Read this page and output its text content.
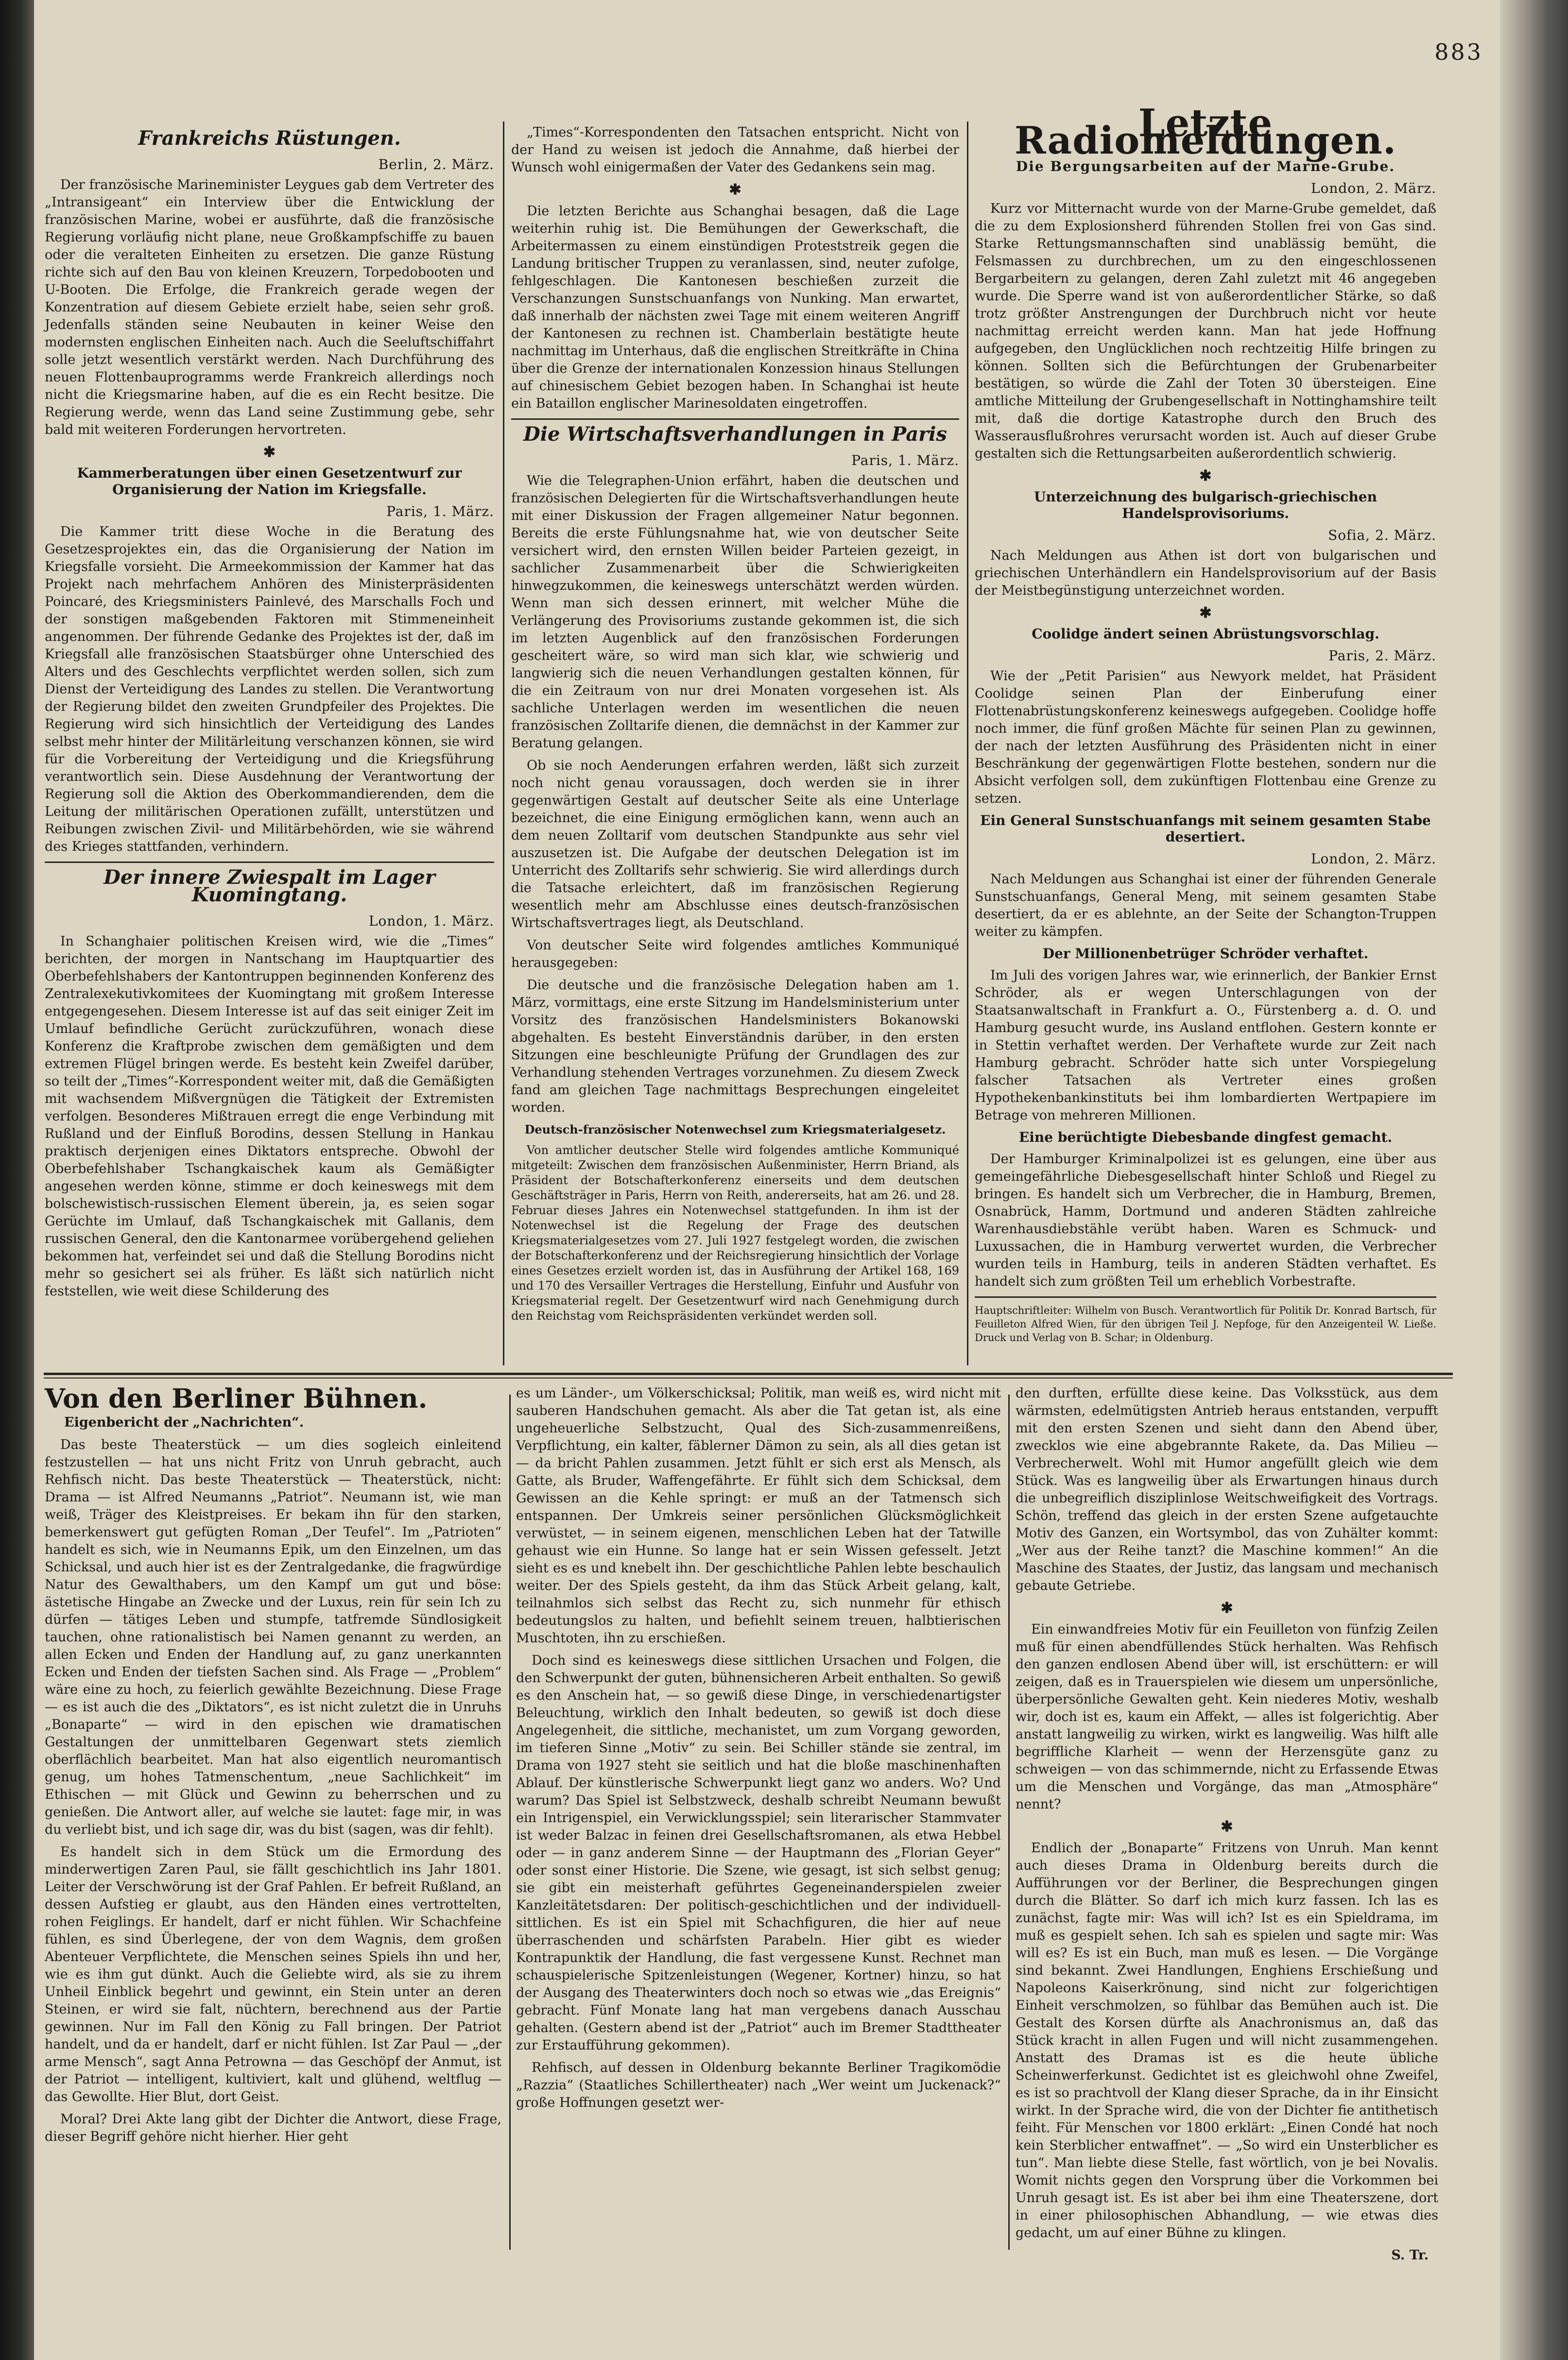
883
Frankreichs Rüstungen.
Berlin, 2. März.

Der französische Marineminister Leygues gab dem Vertreter des „Intransigeant“ ein Interview über die Entwicklung der französischen Marine, wobei er ausführte, daß die französische Regierung vorläufig nicht plane, neue Großkampfschiffe zu bauen oder die veralteten Einheiten zu ersetzen. Die ganze Rüstung richte sich auf den Bau von kleinen Kreuzern, Torpedobooten und U-Booten. Die Erfolge, die Frankreich gerade wegen der Konzentration auf diesem Gebiete erzielt habe, seien sehr groß. Jedenfalls ständen seine Neubauten in keiner Weise den modernsten englischen Einheiten nach. Auch die Seeluftschiffahrt solle jetzt wesentlich verstärkt werden. Nach Durchführung des neuen Flottenbauprogramms werde Frankreich allerdings noch nicht die Kriegsmarine haben, auf die es ein Recht besitze. Die Regierung werde, wenn das Land seine Zustimmung gebe, sehr bald mit weiteren Forderungen hervortreten.

✱
Kammerberatungen über einen Gesetzentwurf zur Organisierung der Nation im Kriegsfalle.
Paris, 1. März.

Die Kammer tritt diese Woche in die Beratung des Gesetzesprojektes ein, das die Organisierung der Nation im Kriegsfalle vorsieht. Die Armeekommission der Kammer hat das Projekt nach mehrfachem Anhören des Ministerpräsidenten Poincaré, des Kriegsministers Painlevé, des Marschalls Foch und der sonstigen maßgebenden Faktoren mit Stimmeneinheit angenommen. Der führende Gedanke des Projektes ist der, daß im Kriegsfall alle französischen Staatsbürger ohne Unterschied des Alters und des Geschlechts verpflichtet werden sollen, sich zum Dienst der Verteidigung des Landes zu stellen. Die Verantwortung der Regierung bildet den zweiten Grundpfeiler des Projektes. Die Regierung wird sich hinsichtlich der Verteidigung des Landes selbst mehr hinter der Militärleitung verschanzen können, sie wird für die Vorbereitung der Verteidigung und die Kriegsführung verantwortlich sein. Diese Ausdehnung der Verantwortung der Regierung soll die Aktion des Oberkommandierenden, dem die Leitung der militärischen Operationen zufällt, unterstützen und Reibungen zwischen Zivil- und Militärbehörden, wie sie während des Krieges stattfanden, verhindern.

Der innere Zwiespalt im Lager Kuomingtang.
London, 1. März.

In Schanghaier politischen Kreisen wird, wie die „Times“ berichten, der morgen in Nantschang im Hauptquartier des Oberbefehlshabers der Kantontruppen beginnenden Konferenz des Zentralexekutivkomitees der Kuomingtang mit großem Interesse entgegengesehen. Diesem Interesse ist auf das seit einiger Zeit im Umlauf befindliche Gerücht zurückzuführen, wonach diese Konferenz die Kraftprobe zwischen dem gemäßigten und dem extremen Flügel bringen werde. Es besteht kein Zweifel darüber, so teilt der „Times“-Korrespondent weiter mit, daß die Gemäßigten mit wachsendem Mißvergnügen die Tätigkeit der Extremisten verfolgen. Besonderes Mißtrauen erregt die enge Verbindung mit Rußland und der Einfluß Borodins, dessen Stellung in Hankau praktisch derjenigen eines Diktators entspreche. Obwohl der Oberbefehlshaber Tschangkaischek kaum als Gemäßigter angesehen werden könne, stimme er doch keineswegs mit dem bolschewistisch-russischen Element überein, ja, es seien sogar Gerüchte im Umlauf, daß Tschangkaischek mit Gallanis, dem russischen General, den die Kantonarmee vorübergehend geliehen bekommen hat, verfeindet sei und daß die Stellung Borodins nicht mehr so gesichert sei als früher. Es läßt sich natürlich nicht feststellen, wie weit diese Schilderung des

„Times“-Korrespondenten den Tatsachen entspricht. Nicht von der Hand zu weisen ist jedoch die Annahme, daß hierbei der Wunsch wohl einigermaßen der Vater des Gedankens sein mag.

✱

Die letzten Berichte aus Schanghai besagen, daß die Lage weiterhin ruhig ist. Die Bemühungen der Gewerkschaft, die Arbeitermassen zu einem einstündigen Proteststreik gegen die Landung britischer Truppen zu veranlassen, sind, neuter zufolge, fehlgeschlagen. Die Kantonesen beschießen zurzeit die Verschanzungen Sunstschuanfangs von Nunking. Man erwartet, daß innerhalb der nächsten zwei Tage mit einem weiteren Angriff der Kantonesen zu rechnen ist. Chamberlain bestätigte heute nachmittag im Unterhaus, daß die englischen Streitkräfte in China über die Grenze der internationalen Konzession hinaus Stellungen auf chinesischem Gebiet bezogen haben. In Schanghai ist heute ein Bataillon englischer Marinesoldaten eingetroffen.

Die Wirtschaftsverhandlungen in Paris
Paris, 1. März.

Wie die Telegraphen-Union erfährt, haben die deutschen und französischen Delegierten für die Wirtschaftsverhandlungen heute mit einer Diskussion der Fragen allgemeiner Natur begonnen. Bereits die erste Fühlungsnahme hat, wie von deutscher Seite versichert wird, den ernsten Willen beider Parteien gezeigt, in sachlicher Zusammenarbeit über die Schwierigkeiten hinwegzukommen, die keineswegs unterschätzt werden würden. Wenn man sich dessen erinnert, mit welcher Mühe die Verlängerung des Provisoriums zustande gekommen ist, die sich im letzten Augenblick auf den französischen Forderungen gescheitert wäre, so wird man sich klar, wie schwierig und langwierig sich die neuen Verhandlungen gestalten können, für die ein Zeitraum von nur drei Monaten vorgesehen ist. Als sachliche Unterlagen werden im wesentlichen die neuen französischen Zolltarife dienen, die demnächst in der Kammer zur Beratung gelangen.

Ob sie noch Aenderungen erfahren werden, läßt sich zurzeit noch nicht genau voraussagen, doch werden sie in ihrer gegenwärtigen Gestalt auf deutscher Seite als eine Unterlage bezeichnet, die eine Einigung ermöglichen kann, wenn auch an dem neuen Zolltarif vom deutschen Standpunkte aus sehr viel auszusetzen ist. Die Aufgabe der deutschen Delegation ist im Unterricht des Zolltarifs sehr schwierig. Sie wird allerdings durch die Tatsache erleichtert, daß im französischen Regierung wesentlich mehr am Abschlusse eines deutsch-französischen Wirtschaftsvertrages liegt, als Deutschland.

Von deutscher Seite wird folgendes amtliches Kommuniqué herausgegeben:

Die deutsche und die französische Delegation haben am 1. März, vormittags, eine erste Sitzung im Handelsministerium unter Vorsitz des französischen Handelsministers Bokanowski abgehalten. Es besteht Einverständnis darüber, in den ersten Sitzungen eine beschleunigte Prüfung der Grundlagen des zur Verhandlung stehenden Vertrages vorzunehmen. Zu diesem Zweck fand am gleichen Tage nachmittags Besprechungen eingeleitet worden.

Deutsch-französischer Notenwechsel zum Kriegsmaterialgesetz.

Von amtlicher deutscher Stelle wird folgendes amtliche Kommuniqué mitgeteilt: Zwischen dem französischen Außenminister, Herrn Briand, als Präsident der Botschafterkonferenz einerseits und dem deutschen Geschäftsträger in Paris, Herrn von Reith, andererseits, hat am 26. und 28. Februar dieses Jahres ein Notenwechsel stattgefunden. In ihm ist der Notenwechsel ist die Regelung der Frage des deutschen Kriegsmaterialgesetzes vom 27. Juli 1927 festgelegt worden, die zwischen der Botschafterkonferenz und der Reichsregierung hinsichtlich der Vorlage eines Gesetzes erzielt worden ist, das in Ausführung der Artikel 168, 169 und 170 des Versailler Vertrages die Herstellung, Einfuhr und Ausfuhr von Kriegsmaterial regelt. Der Gesetzentwurf wird nach Genehmigung durch den Reichstag vom Reichspräsidenten verkündet werden soll.

Letzte Radiomeldungen.
Die Bergungsarbeiten auf der Marne-Grube.
London, 2. März.

Kurz vor Mitternacht wurde von der Marne-Grube gemeldet, daß die zu dem Explosionsherd führenden Stollen frei von Gas sind. Starke Rettungsmannschaften sind unablässig bemüht, die Felsmassen zu durchbrechen, um zu den eingeschlossenen Bergarbeitern zu gelangen, deren Zahl zuletzt mit 46 angegeben wurde. Die Sperre wand ist von außerordentlicher Stärke, so daß trotz größter Anstrengungen der Durchbruch nicht vor heute nachmittag erreicht werden kann. Man hat jede Hoffnung aufgegeben, den Unglücklichen noch rechtzeitig Hilfe bringen zu können. Sollten sich die Befürchtungen der Grubenarbeiter bestätigen, so würde die Zahl der Toten 30 übersteigen. Eine amtliche Mitteilung der Grubengesellschaft in Nottinghamshire teilt mit, daß die dortige Katastrophe durch den Bruch des Wasserausflußrohres verursacht worden ist. Auch auf dieser Grube gestalten sich die Rettungsarbeiten außerordentlich schwierig.

✱
Unterzeichnung des bulgarisch-griechischen Handelsprovisoriums.
Sofia, 2. März.

Nach Meldungen aus Athen ist dort von bulgarischen und griechischen Unterhändlern ein Handelsprovisorium auf der Basis der Meistbegünstigung unterzeichnet worden.

✱
Coolidge ändert seinen Abrüstungsvorschlag.
Paris, 2. März.

Wie der „Petit Parisien“ aus Newyork meldet, hat Präsident Coolidge seinen Plan der Einberufung einer Flottenabrüstungskonferenz keineswegs aufgegeben. Coolidge hoffe noch immer, die fünf großen Mächte für seinen Plan zu gewinnen, der nach der letzten Ausführung des Präsidenten nicht in einer Beschränkung der gegenwärtigen Flotte bestehen, sondern nur die Absicht verfolgen soll, dem zukünftigen Flottenbau eine Grenze zu setzen.

Ein General Sunstschuanfangs mit seinem gesamten Stabe desertiert.
London, 2. März.

Nach Meldungen aus Schanghai ist einer der führenden Generale Sunstschuanfangs, General Meng, mit seinem gesamten Stabe desertiert, da er es ablehnte, an der Seite der Schangton-Truppen weiter zu kämpfen.

Der Millionenbetrüger Schröder verhaftet.

Im Juli des vorigen Jahres war, wie erinnerlich, der Bankier Ernst Schröder, als er wegen Unterschlagungen von der Staatsanwaltschaft in Frankfurt a. O., Fürstenberg a. d. O. und Hamburg gesucht wurde, ins Ausland entflohen. Gestern konnte er in Stettin verhaftet werden. Der Verhaftete wurde zur Zeit nach Hamburg gebracht. Schröder hatte sich unter Vorspiegelung falscher Tatsachen als Vertreter eines großen Hypothekenbankinstituts bei ihm lombardierten Wertpapiere im Betrage von mehreren Millionen.

Eine berüchtigte Diebesbande dingfest gemacht.

Der Hamburger Kriminalpolizei ist es gelungen, eine über aus gemeingefährliche Diebesgesellschaft hinter Schloß und Riegel zu bringen. Es handelt sich um Verbrecher, die in Hamburg, Bremen, Osnabrück, Hamm, Dortmund und anderen Städten zahlreiche Warenhausdiebstähle verübt haben. Waren es Schmuck- und Luxussachen, die in Hamburg verwertet wurden, die Verbrecher wurden teils in Hamburg, teils in anderen Städten verhaftet. Es handelt sich zum größten Teil um erheblich Vorbestrafte.

Hauptschriftleiter: Wilhelm von Busch. Verantwortlich für Politik Dr. Konrad Bartsch, für Feuilleton Alfred Wien, für den übrigen Teil J. Nepfoge, für den Anzeigenteil W. Ließe. Druck und Verlag von B. Schar; in Oldenburg.
Von den Berliner Bühnen.
Eigenbericht der „Nachrichten“.

Das beste Theaterstück — um dies sogleich einleitend festzustellen — hat uns nicht Fritz von Unruh gebracht, auch Rehfisch nicht. Das beste Theaterstück — Theaterstück, nicht: Drama — ist Alfred Neumanns „Patriot“. Neumann ist, wie man weiß, Träger des Kleistpreises. Er bekam ihn für den starken, bemerkenswert gut gefügten Roman „Der Teufel“. Im „Patrioten“ handelt es sich, wie in Neumanns Epik, um den Einzelnen, um das Schicksal, und auch hier ist es der Zentralgedanke, die fragwürdige Natur des Gewalthabers, um den Kampf um gut und böse: ästetische Hingabe an Zwecke und der Luxus, rein für sein Ich zu dürfen — tätiges Leben und stumpfe, tatfremde Sündlosigkeit tauchen, ohne rationalistisch bei Namen genannt zu werden, an allen Ecken und Enden der Handlung auf, zu ganz unerkannten Ecken und Enden der tiefsten Sachen sind. Als Frage — „Problem“ wäre eine zu hoch, zu feierlich gewählte Bezeichnung. Diese Frage — es ist auch die des „Diktators“, es ist nicht zuletzt die in Unruhs „Bonaparte“ — wird in den epischen wie dramatischen Gestaltungen der unmittelbaren Gegenwart stets ziemlich oberflächlich bearbeitet. Man hat also eigentlich neuromantisch genug, um hohes Tatmenschentum, „neue Sachlichkeit“ im Ethischen — mit Glück und Gewinn zu beherrschen und zu genießen. Die Antwort aller, auf welche sie lautet: fage mir, in was du verliebt bist, und ich sage dir, was du bist (sagen, was dir fehlt).

Es handelt sich in dem Stück um die Ermordung des minderwertigen Zaren Paul, sie fällt geschichtlich ins Jahr 1801. Leiter der Verschwörung ist der Graf Pahlen. Er befreit Rußland, an dessen Aufstieg er glaubt, aus den Händen eines vertrottelten, rohen Feiglings. Er handelt, darf er nicht fühlen. Wir Schachfeine fühlen, es sind Überlegene, der von dem Wagnis, dem großen Abenteuer Verpflichtete, die Menschen seines Spiels ihn und her, wie es ihm gut dünkt. Auch die Geliebte wird, als sie zu ihrem Unheil Einblick begehrt und gewinnt, ein Stein unter an deren Steinen, er wird sie falt, nüchtern, berechnend aus der Partie gewinnen. Nur im Fall den König zu Fall bringen. Der Patriot handelt, und da er handelt, darf er nicht fühlen. Ist Zar Paul — „der arme Mensch“, sagt Anna Petrowna — das Geschöpf der Anmut, ist der Patriot — intelligent, kultiviert, kalt und glühend, weltflug — das Gewollte. Hier Blut, dort Geist.

Moral? Drei Akte lang gibt der Dichter die Antwort, diese Frage, dieser Begriff gehöre nicht hierher. Hier geht

es um Länder-, um Völkerschicksal; Politik, man weiß es, wird nicht mit sauberen Handschuhen gemacht. Als aber die Tat getan ist, als eine ungeheuerliche Selbstzucht, Qual des Sich-zusammenreißens, Verpflichtung, ein kalter, fäblerner Dämon zu sein, als all dies getan ist — da bricht Pahlen zusammen. Jetzt fühlt er sich erst als Mensch, als Gatte, als Bruder, Waffengefährte. Er fühlt sich dem Schicksal, dem Gewissen an die Kehle springt: er muß an der Tatmensch sich entspannen. Der Umkreis seiner persönlichen Glücksmöglichkeit verwüstet, — in seinem eigenen, menschlichen Leben hat der Tatwille gehaust wie ein Hunne. So lange hat er sein Wissen gefesselt. Jetzt sieht es es und knebelt ihn. Der geschichtliche Pahlen lebte beschaulich weiter. Der des Spiels gesteht, da ihm das Stück Arbeit gelang, kalt, teilnahmlos sich selbst das Recht zu, sich nunmehr für ethisch bedeutungslos zu halten, und befiehlt seinem treuen, halbtierischen Muschtoten, ihn zu erschießen.

Doch sind es keineswegs diese sittlichen Ursachen und Folgen, die den Schwerpunkt der guten, bühnensicheren Arbeit enthalten. So gewiß es den Anschein hat, — so gewiß diese Dinge, in verschiedenartigster Beleuchtung, wirklich den Inhalt bedeuten, so gewiß ist doch diese Angelegenheit, die sittliche, mechanistet, um zum Vorgang geworden, im tieferen Sinne „Motiv“ zu sein. Bei Schiller stände sie zentral, im Drama von 1927 steht sie seitlich und hat die bloße maschinenhaften Ablauf. Der künstlerische Schwerpunkt liegt ganz wo anders. Wo? Und warum? Das Spiel ist Selbstzweck, deshalb schreibt Neumann bewußt ein Intrigenspiel, ein Verwicklungsspiel; sein literarischer Stammvater ist weder Balzac in feinen drei Gesellschaftsromanen, als etwa Hebbel oder — in ganz anderem Sinne — der Hauptmann des „Florian Geyer“ oder sonst einer Historie. Die Szene, wie gesagt, ist sich selbst genug; sie gibt ein meisterhaft geführtes Gegeneinanderspielen zweier Kanzleitätetsdaren: Der politisch-geschichtlichen und der individuell-sittlichen. Es ist ein Spiel mit Schachfiguren, die hier auf neue überraschenden und schärfsten Parabeln. Hier gibt es wieder Kontrapunktik der Handlung, die fast vergessene Kunst. Rechnet man schauspielerische Spitzenleistungen (Wegener, Kortner) hinzu, so hat der Ausgang des Theaterwinters doch noch so etwas wie „das Ereignis“ gebracht. Fünf Monate lang hat man vergebens danach Ausschau gehalten. (Gestern abend ist der „Patriot“ auch im Bremer Stadttheater zur Erstaufführung gekommen).

Rehfisch, auf dessen in Oldenburg bekannte Berliner Tragikomödie „Razzia“ (Staatliches Schillertheater) nach „Wer weint um Juckenack?“ große Hoffnungen gesetzt wer-

den durften, erfüllte diese keine. Das Volksstück, aus dem wärmsten, edelmütigsten Antrieb heraus entstanden, verpufft mit den ersten Szenen und sieht dann den Abend über, zwecklos wie eine abgebrannte Rakete, da. Das Milieu — Verbrecherwelt. Wohl mit Humor angefüllt gleich wie dem Stück. Was es langweilig über als Erwartungen hinaus durch die unbegreiflich disziplinlose Weitschweifigkeit des Vortrags. Schön, treffend das gleich in der ersten Szene aufgetauchte Motiv des Ganzen, ein Wortsymbol, das von Zuhälter kommt: „Wer aus der Reihe tanzt? die Maschine kommen!“ An die Maschine des Staates, der Justiz, das langsam und mechanisch gebaute Getriebe.

✱

Ein einwandfreies Motiv für ein Feuilleton von fünfzig Zeilen muß für einen abendfüllendes Stück herhalten. Was Rehfisch den ganzen endlosen Abend über will, ist erschüttern: er will zeigen, daß es in Trauerspielen wie diesem um unpersönliche, überpersönliche Gewalten geht. Kein niederes Motiv, weshalb wir, doch ist es, kaum ein Affekt, — alles ist folgerichtig. Aber anstatt langweilig zu wirken, wirkt es langweilig. Was hilft alle begriffliche Klarheit — wenn der Herzensgüte ganz zu schweigen — von das schimmernde, nicht zu Erfassende Etwas um die Menschen und Vorgänge, das man „Atmosphäre“ nennt?

✱

Endlich der „Bonaparte“ Fritzens von Unruh. Man kennt auch dieses Drama in Oldenburg bereits durch die Aufführungen vor der Berliner, die Besprechungen gingen durch die Blätter. So darf ich mich kurz fassen. Ich las es zunächst, fagte mir: Was will ich? Ist es ein Spieldrama, im muß es gespielt sehen. Ich sah es spielen und sagte mir: Was will es? Es ist ein Buch, man muß es lesen. — Die Vorgänge sind bekannt. Zwei Handlungen, Enghiens Erschießung und Napoleons Kaiserkrönung, sind nicht zur folgerichtigen Einheit verschmolzen, so fühlbar das Bemühen auch ist. Die Gestalt des Korsen dürfte als Anachronismus an, daß das Stück kracht in allen Fugen und will nicht zusammengehen. Anstatt des Dramas ist es die heute übliche Scheinwerferkunst. Gedichtet ist es gleichwohl ohne Zweifel, es ist so prachtvoll der Klang dieser Sprache, da in ihr Einsicht wirkt. In der Sprache wird, die von der Dichter fie antithetisch feiht. Für Menschen vor 1800 erklärt: „Einen Condé hat noch kein Sterblicher entwaffnet“. — „So wird ein Unsterblicher es tun“. Man liebte diese Stelle, fast wörtlich, von je bei Novalis. Womit nichts gegen den Vorsprung über die Vorkommen bei Unruh gesagt ist. Es ist aber bei ihm eine Theaterszene, dort in einer philosophischen Abhandlung, — wie etwas dies gedacht, um auf einer Bühne zu klingen.

S. Tr.
